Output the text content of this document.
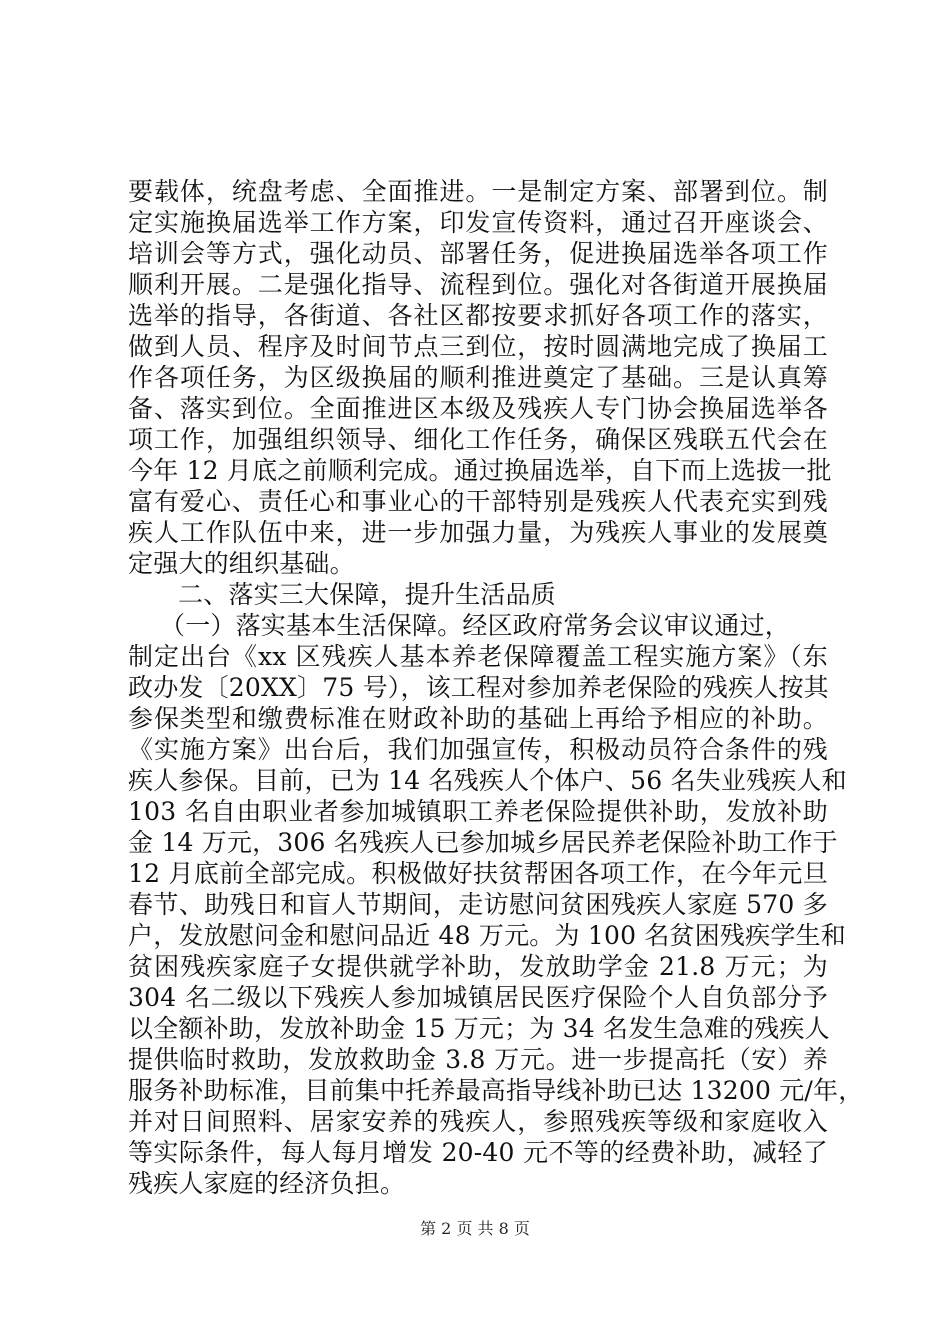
要载体，统盘考虑、全面推进。一是制定方案、部署到位。制
定实施换届选举工作方案，印发宣传资料，通过召开座谈会、
培训会等方式，强化动员、部署任务，促进换届选举各项工作
顺利开展。二是强化指导、流程到位。强化对各街道开展换届
选举的指导，各街道、各社区都按要求抓好各项工作的落实，
做到人员、程序及时间节点三到位，按时圆满地完成了换届工
作各项任务，为区级换届的顺利推进奠定了基础。三是认真筹
备、落实到位。全面推进区本级及残疾人专门协会换届选举各
项工作，加强组织领导、细化工作任务，确保区残联五代会在
今年 12 月底之前顺利完成。通过换届选举，自下而上选拔一批
富有爱心、责任心和事业心的干部特别是残疾人代表充实到残
疾人工作队伍中来，进一步加强力量，为残疾人事业的发展奠
定强大的组织基础。
二、落实三大保障，提升生活品质
（一）落实基本生活保障。经区政府常务会议审议通过，
制定出台《xx 区残疾人基本养老保障覆盖工程实施方案》（东
政办发〔20XX〕75 号），该工程对参加养老保险的残疾人按其
参保类型和缴费标准在财政补助的基础上再给予相应的补助。
《实施方案》出台后，我们加强宣传，积极动员符合条件的残
疾人参保。目前，已为 14 名残疾人个体户、56 名失业残疾人和
103 名自由职业者参加城镇职工养老保险提供补助，发放补助
金 14 万元，306 名残疾人已参加城乡居民养老保险补助工作于
12 月底前全部完成。积极做好扶贫帮困各项工作，在今年元旦
春节、助残日和盲人节期间，走访慰问贫困残疾人家庭 570 多
户，发放慰问金和慰问品近 48 万元。为 100 名贫困残疾学生和
贫困残疾家庭子女提供就学补助，发放助学金 21.8 万元；为
304 名二级以下残疾人参加城镇居民医疗保险个人自负部分予
以全额补助，发放补助金 15 万元；为 34 名发生急难的残疾人
提供临时救助，发放救助金 3.8 万元。进一步提高托（安）养
服务补助标准，目前集中托养最高指导线补助已达 13200 元/年，
并对日间照料、居家安养的残疾人，参照残疾等级和家庭收入
等实际条件，每人每月增发 20-40 元不等的经费补助，减轻了
残疾人家庭的经济负担。
第 2 页 共 8 页
